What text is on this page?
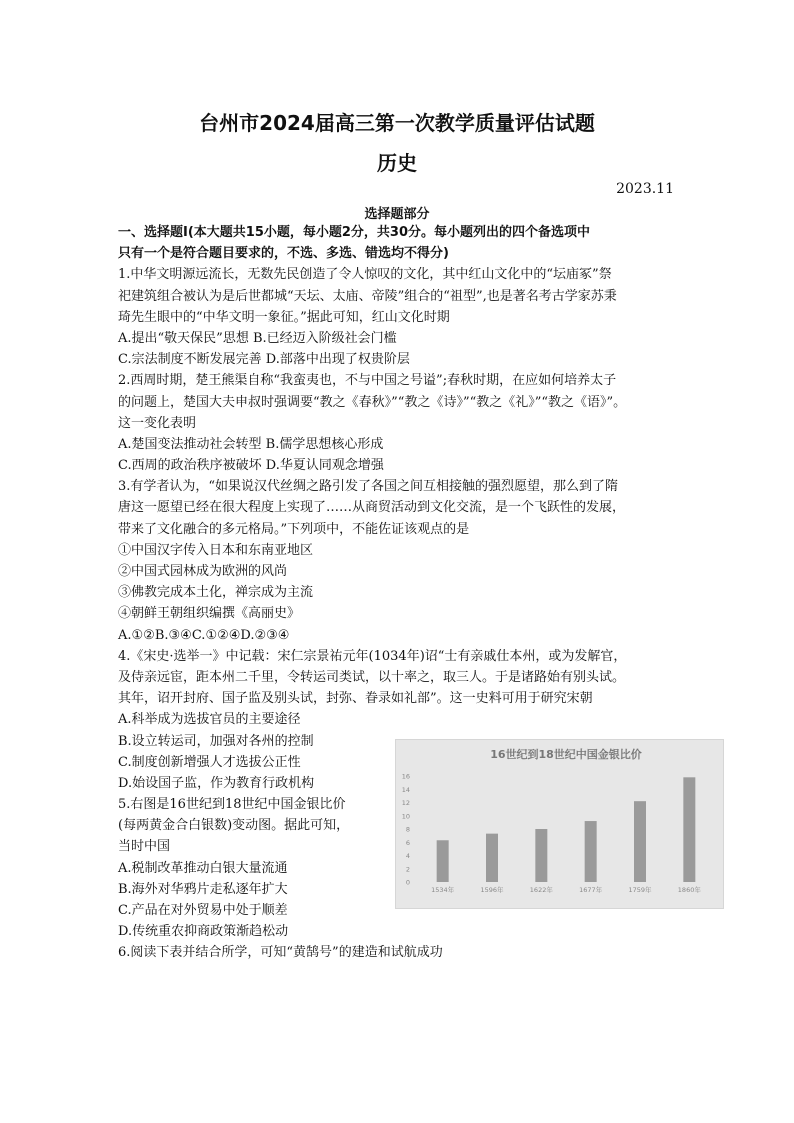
台州市2024届高三第一次教学质量评估试题
历史
2023.11
选择题部分
一、选择题Ⅰ(本大题共15小题，每小题2分，共30分。每小题列出的四个备选项中
只有一个是符合题目要求的，不选、多选、错选均不得分)
1.中华文明源远流长，无数先民创造了令人惊叹的文化，其中红山文化中的“坛庙冢”祭
祀建筑组合被认为是后世都城“天坛、太庙、帝陵”组合的“祖型”,也是著名考古学家苏秉
琦先生眼中的“中华文明一象征。”据此可知，红山文化时期
A.提出“敬天保民”思想 B.已经迈入阶级社会门槛
C.宗法制度不断发展完善 D.部落中出现了权贵阶层
2.西周时期，楚王熊渠自称“我蛮夷也，不与中国之号谥”;春秋时期，在应如何培养太子
的问题上，楚国大夫申叔时强调要“教之《春秋》”“教之《诗》”“教之《礼》”“教之《语》”。
这一变化表明
A.楚国变法推动社会转型 B.儒学思想核心形成
C.西周的政治秩序被破坏 D.华夏认同观念增强
3.有学者认为，“如果说汉代丝绸之路引发了各国之间互相接触的强烈愿望，那么到了隋
唐这一愿望已经在很大程度上实现了……从商贸活动到文化交流，是一个飞跃性的发展，
带来了文化融合的多元格局。”下列项中，不能佐证该观点的是
①中国汉字传入日本和东南亚地区
②中国式园林成为欧洲的风尚
③佛教完成本土化，禅宗成为主流
④朝鲜王朝组织编撰《高丽史》
A.①②B.③④C.①②④D.②③④
4.《宋史·选举一》中记载：宋仁宗景祐元年(1034年)诏“士有亲戚仕本州，或为发解官，
及侍亲远宦，距本州二千里，令转运司类试，以十率之，取三人。于是诸路始有别头试。
其年，诏开封府、国子监及别头试，封弥、眷录如礼部”。这一史料可用于研究宋朝
A.科举成为选拔官员的主要途径
B.设立转运司，加强对各州的控制
C.制度创新增强人才选拔公正性
D.始设国子监，作为教育行政机构
5.右图是16世纪到18世纪中国金银比价
(每两黄金合白银数)变动图。据此可知，
当时中国
A.税制改革推动白银大量流通
B.海外对华鸦片走私逐年扩大
C.产品在对外贸易中处于顺差
D.传统重农抑商政策渐趋松动
6.阅读下表并结合所学，可知“黄鹄号”的建造和试航成功
16世纪到18世纪中国金银比价
0
2
4
6
8
10
12
14
16
1534年	1596年	1622年	1677年	1759年	1860年
